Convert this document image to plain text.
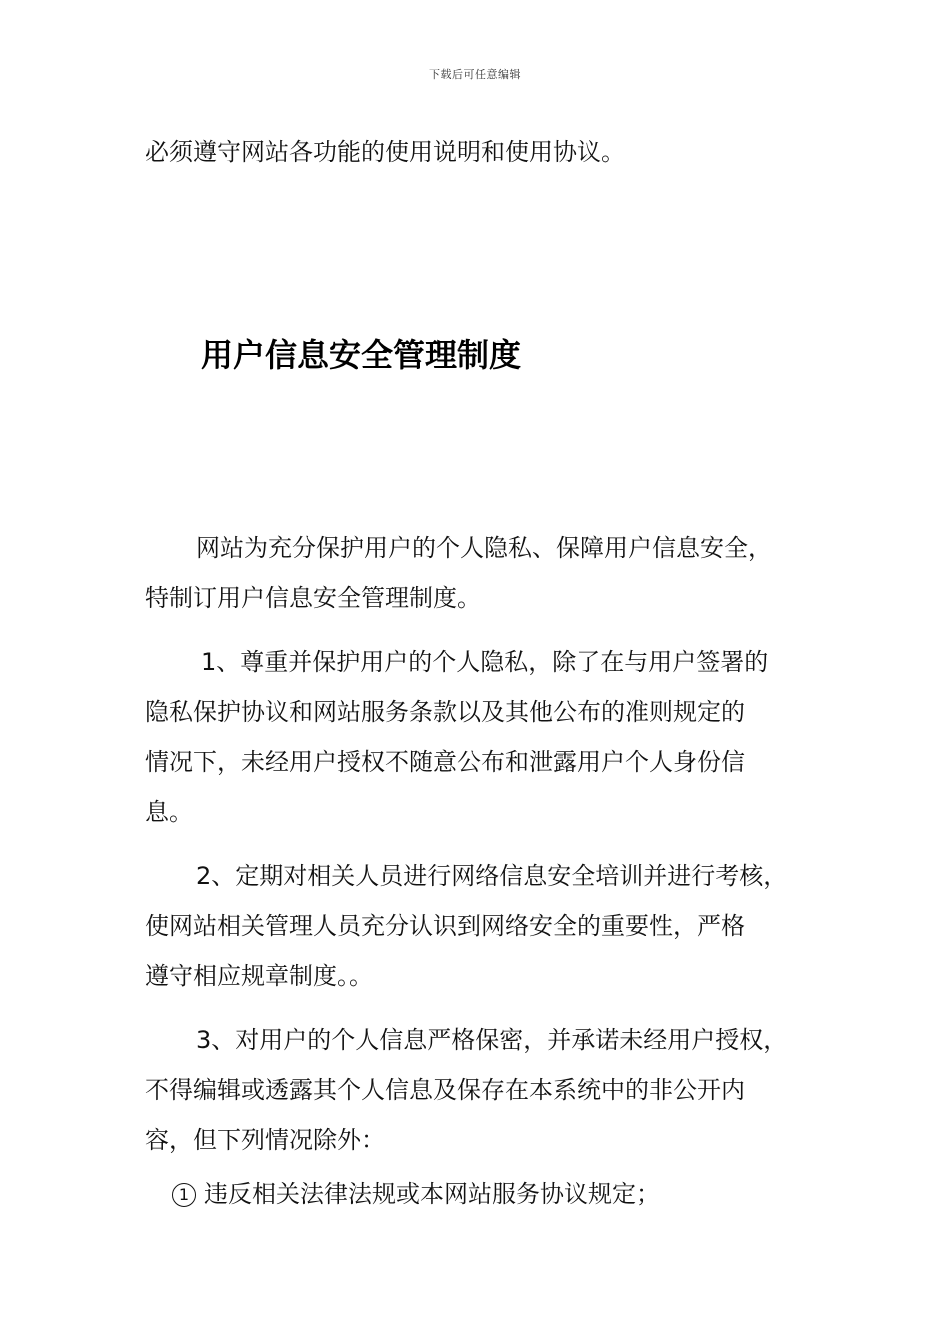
下载后可任意编辑
必须遵守网站各功能的使用说明和使用协议。
用户信息安全管理制度
网站为充分保护用户的个人隐私、保障用户信息安全，
特制订用户信息安全管理制度。
1、尊重并保护用户的个人隐私，除了在与用户签署的
隐私保护协议和网站服务条款以及其他公布的准则规定的
情况下，未经用户授权不随意公布和泄露用户个人身份信
息。
2、定期对相关人员进行网络信息安全培训并进行考核，
使网站相关管理人员充分认识到网络安全的重要性，严格
遵守相应规章制度。。
3、对用户的个人信息严格保密，并承诺未经用户授权，
不得编辑或透露其个人信息及保存在本系统中的非公开内
容，但下列情况除外：
1 违反相关法律法规或本网站服务协议规定；
